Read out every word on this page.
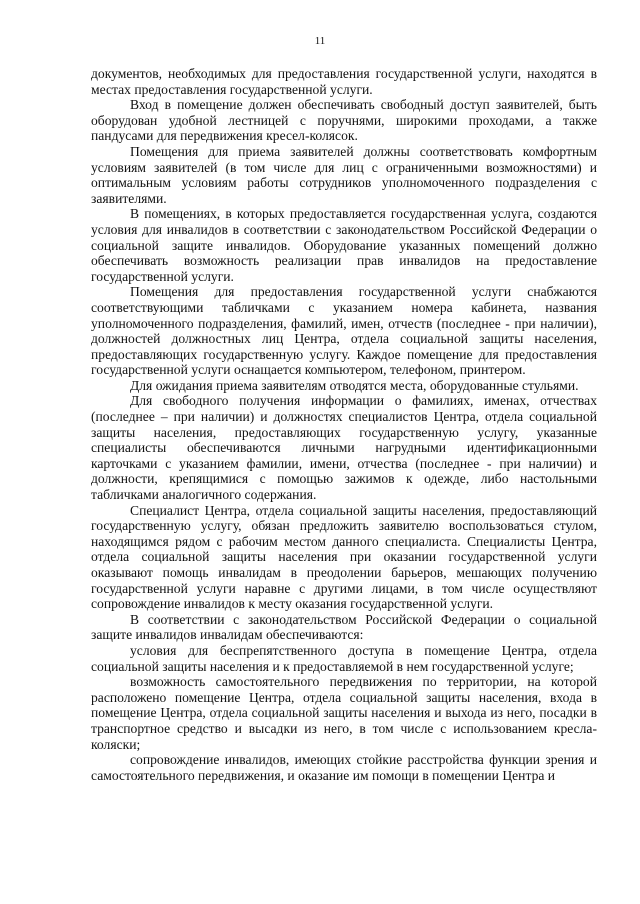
11

документов, необходимых для предоставления государственной услуги, находятся в местах предоставления государственной услуги.

Вход в помещение должен обеспечивать свободный доступ заявителей, быть оборудован удобной лестницей с поручнями, широкими проходами, а также пандусами для передвижения кресел-колясок.

Помещения для приема заявителей должны соответствовать комфортным условиям заявителей (в том числе для лиц с ограниченными возможностями) и оптимальным условиям работы сотрудников уполномоченного подразделения с заявителями.

В помещениях, в которых предоставляется государственная услуга, создаются условия для инвалидов в соответствии с законодательством Российской Федерации о социальной защите инвалидов. Оборудование указанных помещений должно обеспечивать возможность реализации прав инвалидов на предоставление государственной услуги.

Помещения для предоставления государственной услуги снабжаются соответствующими табличками с указанием номера кабинета, названия уполномоченного подразделения, фамилий, имен, отчеств (последнее - при наличии), должностей должностных лиц Центра, отдела социальной защиты населения, предоставляющих государственную услугу. Каждое помещение для предоставления государственной услуги оснащается компьютером, телефоном, принтером.

Для ожидания приема заявителям отводятся места, оборудованные стульями.

Для свободного получения информации о фамилиях, именах, отчествах (последнее – при наличии) и должностях специалистов Центра, отдела социальной защиты населения, предоставляющих государственную услугу, указанные специалисты обеспечиваются личными нагрудными идентификационными карточками с указанием фамилии, имени, отчества (последнее - при наличии) и должности, крепящимися с помощью зажимов к одежде, либо настольными табличками аналогичного содержания.

Специалист Центра, отдела социальной защиты населения, предоставляющий государственную услугу, обязан предложить заявителю воспользоваться стулом, находящимся рядом с рабочим местом данного специалиста. Специалисты Центра, отдела социальной защиты населения при оказании государственной услуги оказывают помощь инвалидам в преодолении барьеров, мешающих получению государственной услуги наравне с другими лицами, в том числе осуществляют сопровождение инвалидов к месту оказания государственной услуги.

В соответствии с законодательством Российской Федерации о социальной защите инвалидов инвалидам обеспечиваются:

условия для беспрепятственного доступа в помещение Центра, отдела социальной защиты населения и к предоставляемой в нем государственной услуге;

возможность самостоятельного передвижения по территории, на которой расположено помещение Центра, отдела социальной защиты населения, входа в помещение Центра, отдела социальной защиты населения и выхода из него, посадки в транспортное средство и высадки из него, в том числе с использованием кресла-коляски;

сопровождение инвалидов, имеющих стойкие расстройства функции зрения и самостоятельного передвижения, и оказание им помощи в помещении Центра и
